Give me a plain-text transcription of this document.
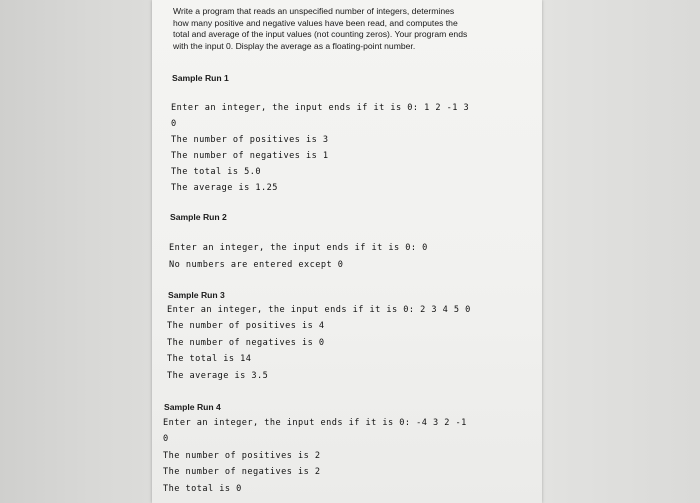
Write a program that reads an unspecified number of integers, determines
how many positive and negative values have been read, and computes the
total and average of the input values (not counting zeros). Your program ends
with the input 0. Display the average as a floating-point number.
Sample Run 1
Enter an integer, the input ends if it is 0: 1 2 -1 3
0
The number of positives is 3
The number of negatives is 1
The total is 5.0
The average is 1.25
Sample Run 2
Enter an integer, the input ends if it is 0: 0
No numbers are entered except 0
Sample Run 3
Enter an integer, the input ends if it is 0: 2 3 4 5 0
The number of positives is 4
The number of negatives is 0
The total is 14
The average is 3.5
Sample Run 4
Enter an integer, the input ends if it is 0: -4 3 2 -1
0
The number of positives is 2
The number of negatives is 2
The total is 0
